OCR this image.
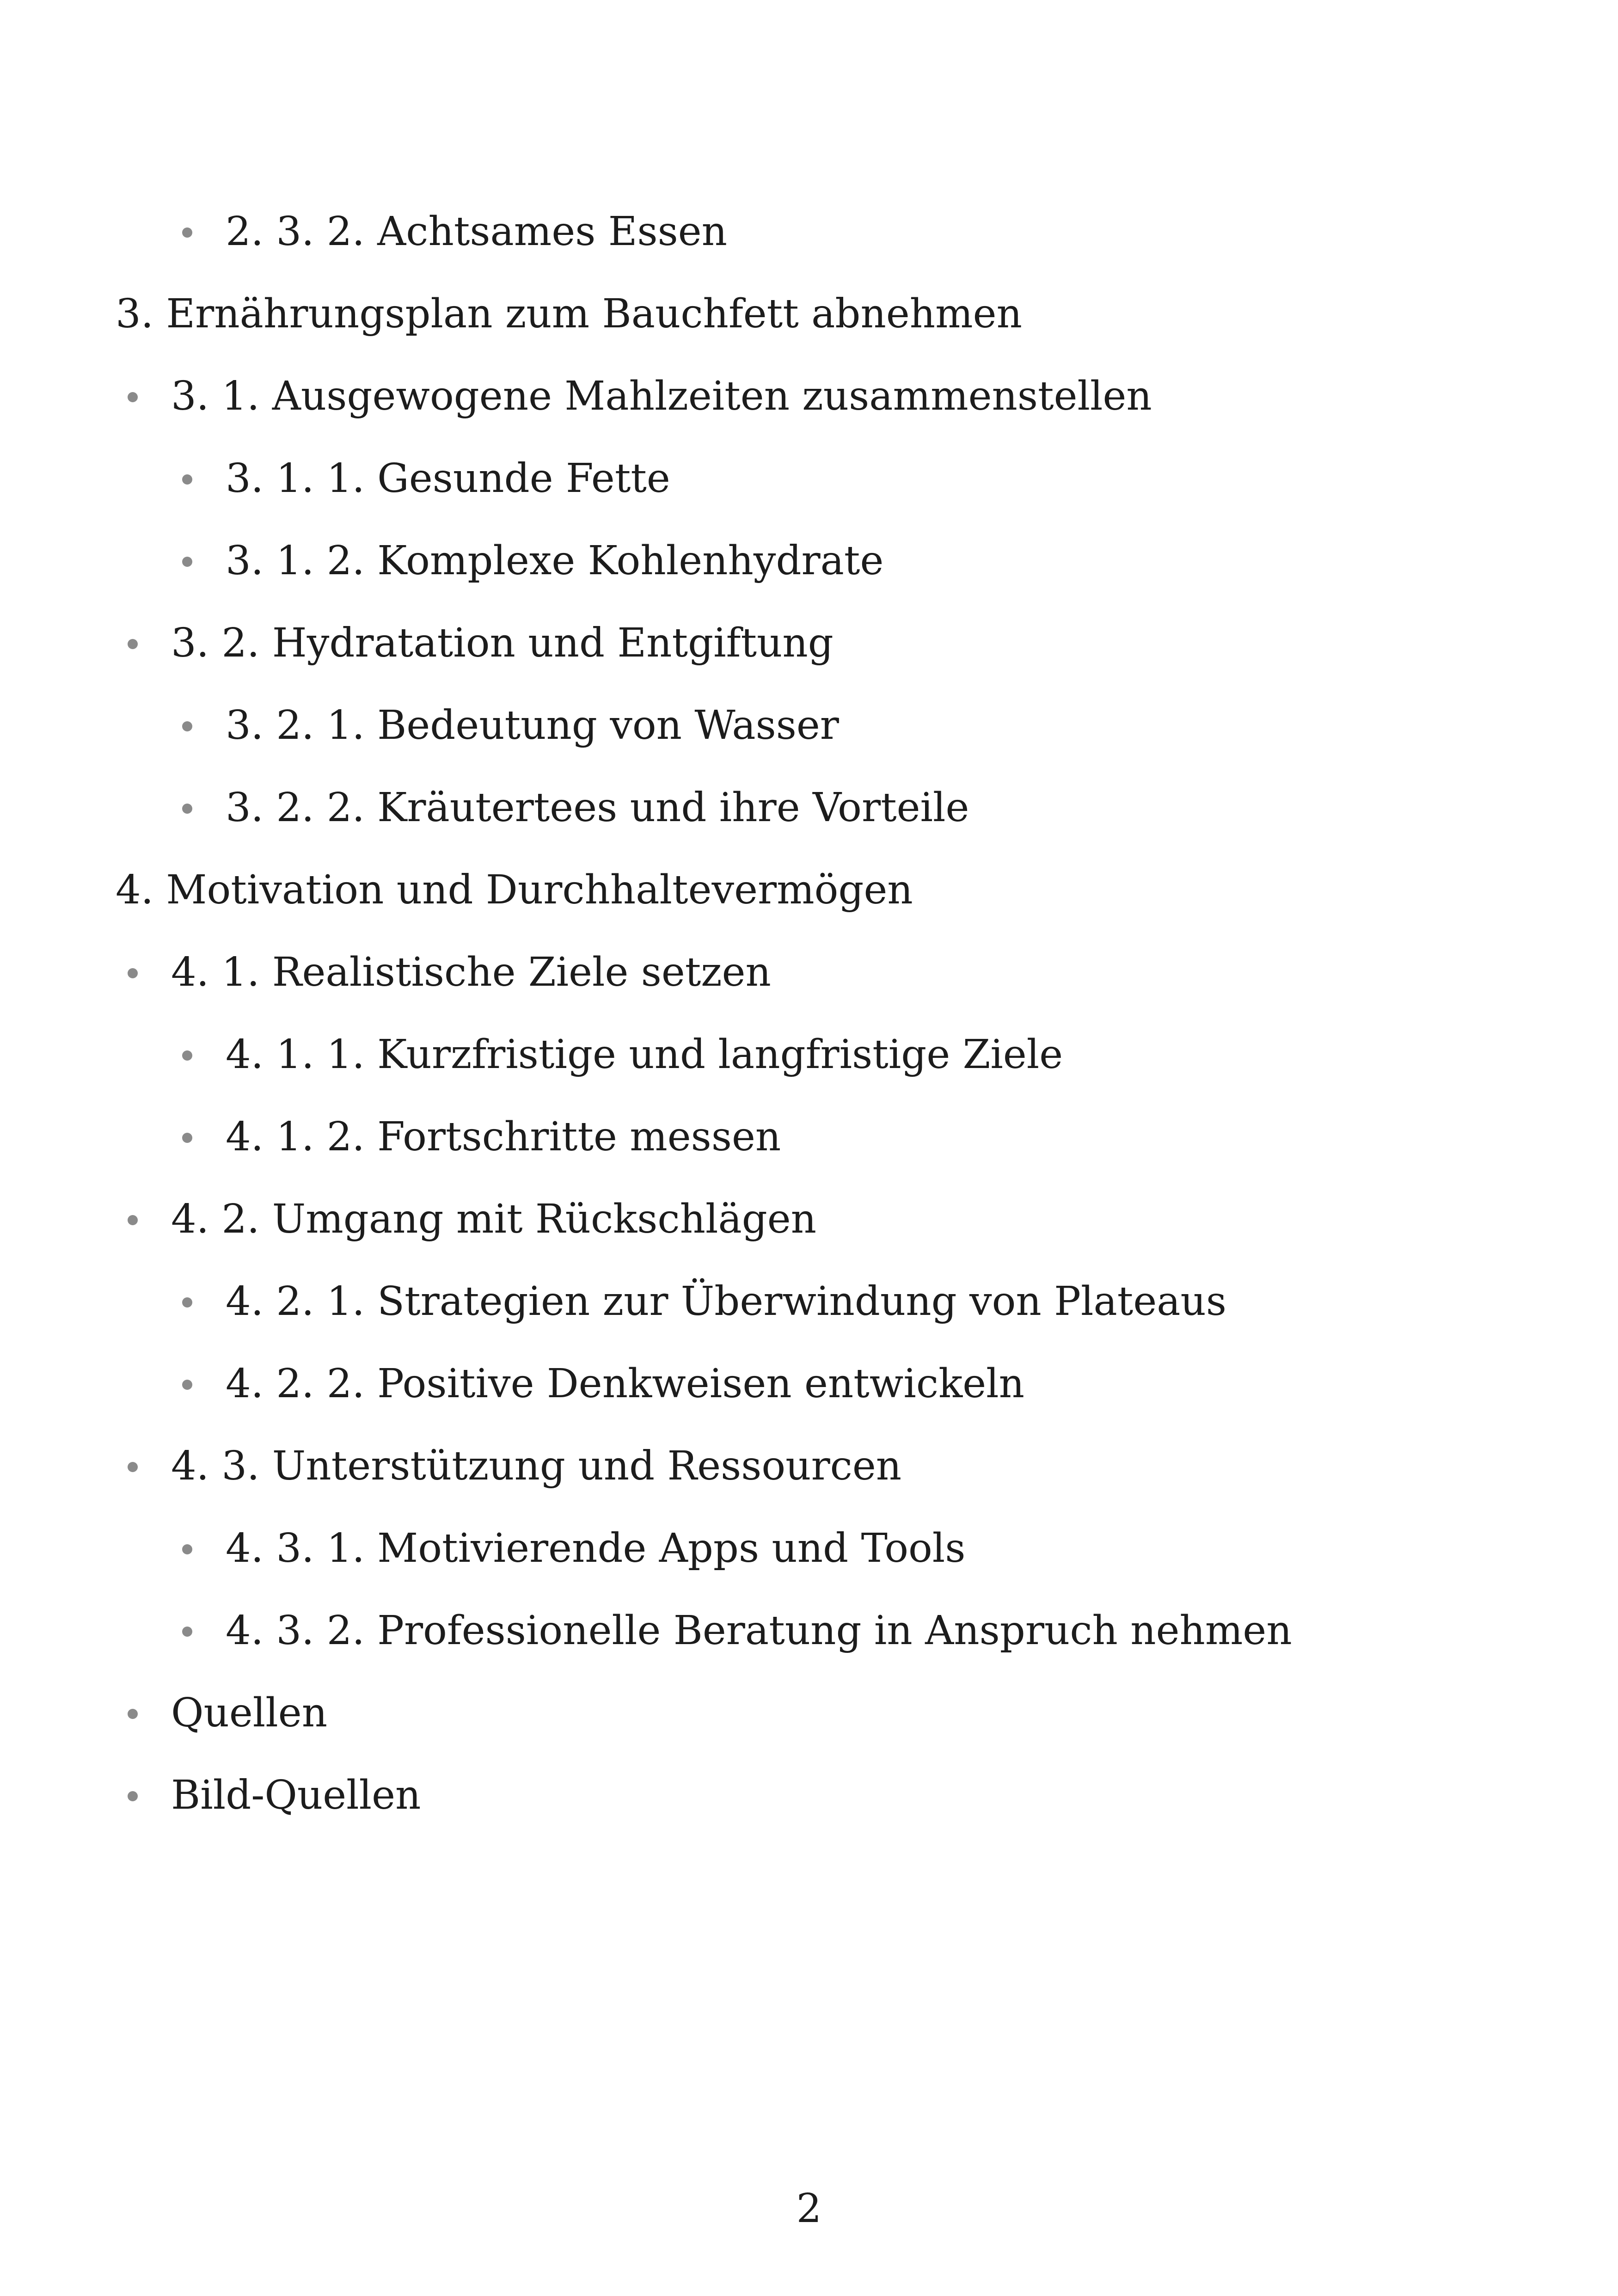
2. 3. 2. Achtsames Essen
3. Ernährungsplan zum Bauchfett abnehmen
3. 1. Ausgewogene Mahlzeiten zusammenstellen
3. 1. 1. Gesunde Fette
3. 1. 2. Komplexe Kohlenhydrate
3. 2. Hydratation und Entgiftung
3. 2. 1. Bedeutung von Wasser
3. 2. 2. Kräutertees und ihre Vorteile
4. Motivation und Durchhaltevermögen
4. 1. Realistische Ziele setzen
4. 1. 1. Kurzfristige und langfristige Ziele
4. 1. 2. Fortschritte messen
4. 2. Umgang mit Rückschlägen
4. 2. 1. Strategien zur Überwindung von Plateaus
4. 2. 2. Positive Denkweisen entwickeln
4. 3. Unterstützung und Ressourcen
4. 3. 1. Motivierende Apps und Tools
4. 3. 2. Professionelle Beratung in Anspruch nehmen
Quellen
Bild-Quellen
2
